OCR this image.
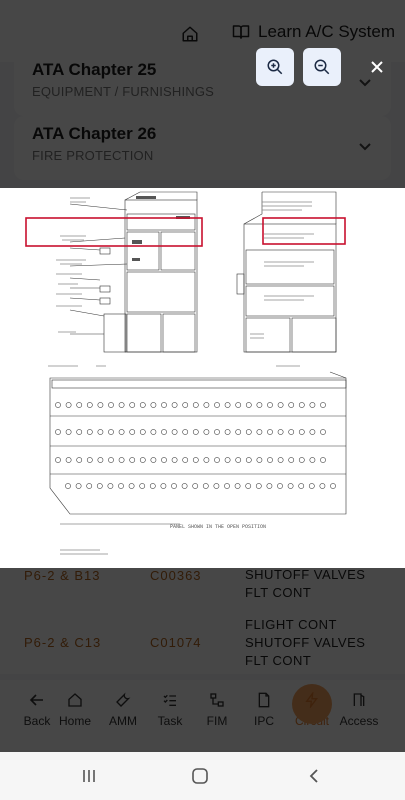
PANEL SHOWN IN THE OPEN POSITION
